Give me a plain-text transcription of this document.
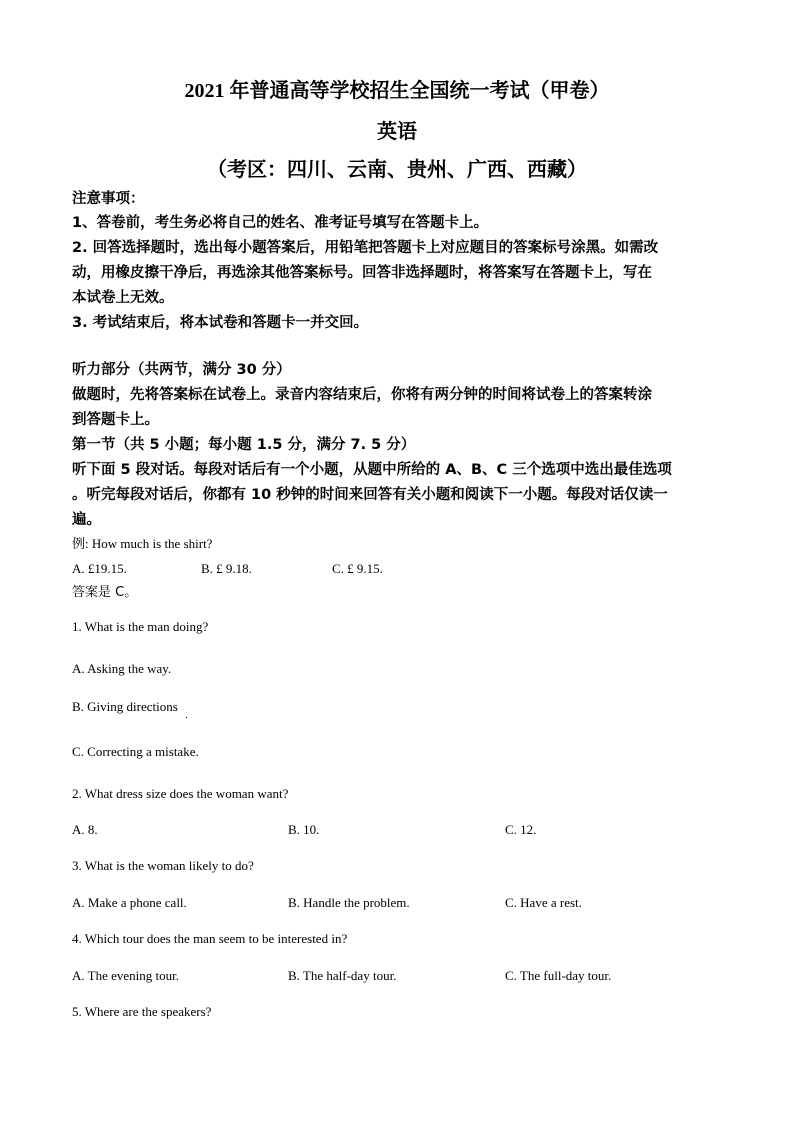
2021 年普通高等学校招生全国统一考试（甲卷）
英语
（考区：四川、云南、贵州、广西、西藏）
注意事项：
1、答卷前，考生务必将自己的姓名、准考证号填写在答题卡上。
2. 回答选择题时，选出每小题答案后，用铅笔把答题卡上对应题目的答案标号涂黑。如需改
动，用橡皮擦干净后，再选涂其他答案标号。回答非选择题时，将答案写在答题卡上，写在
本试卷上无效。
3. 考试结束后，将本试卷和答题卡一并交回。
听力部分（共两节，满分 30 分）
做题时，先将答案标在试卷上。录音内容结束后，你将有两分钟的时间将试卷上的答案转涂
到答题卡上。
第一节（共 5 小题；每小题 1.5 分，满分 7. 5 分）
听下面 5 段对话。每段对话后有一个小题，从题中所给的 A、B、C 三个选项中选出最佳选项
。听完每段对话后，你都有 10 秒钟的时间来回答有关小题和阅读下一小题。每段对话仅读一
遍。
例: How much is the shirt?
A. £19.15.	B. £ 9.18.	C. £ 9.15.
答案是 C。
1. What is the man doing?
A. Asking the way.
B. Giving directions
C. Correcting a mistake.
2. What dress size does the woman want?
A. 8.	B. 10.	C. 12.
3. What is the woman likely to do?
A. Make a phone call.	B. Handle the problem.	C. Have a rest.
4. Which tour does the man seem to be interested in?
A. The evening tour.	B. The half-day tour.	C. The full-day tour.
5. Where are the speakers?
